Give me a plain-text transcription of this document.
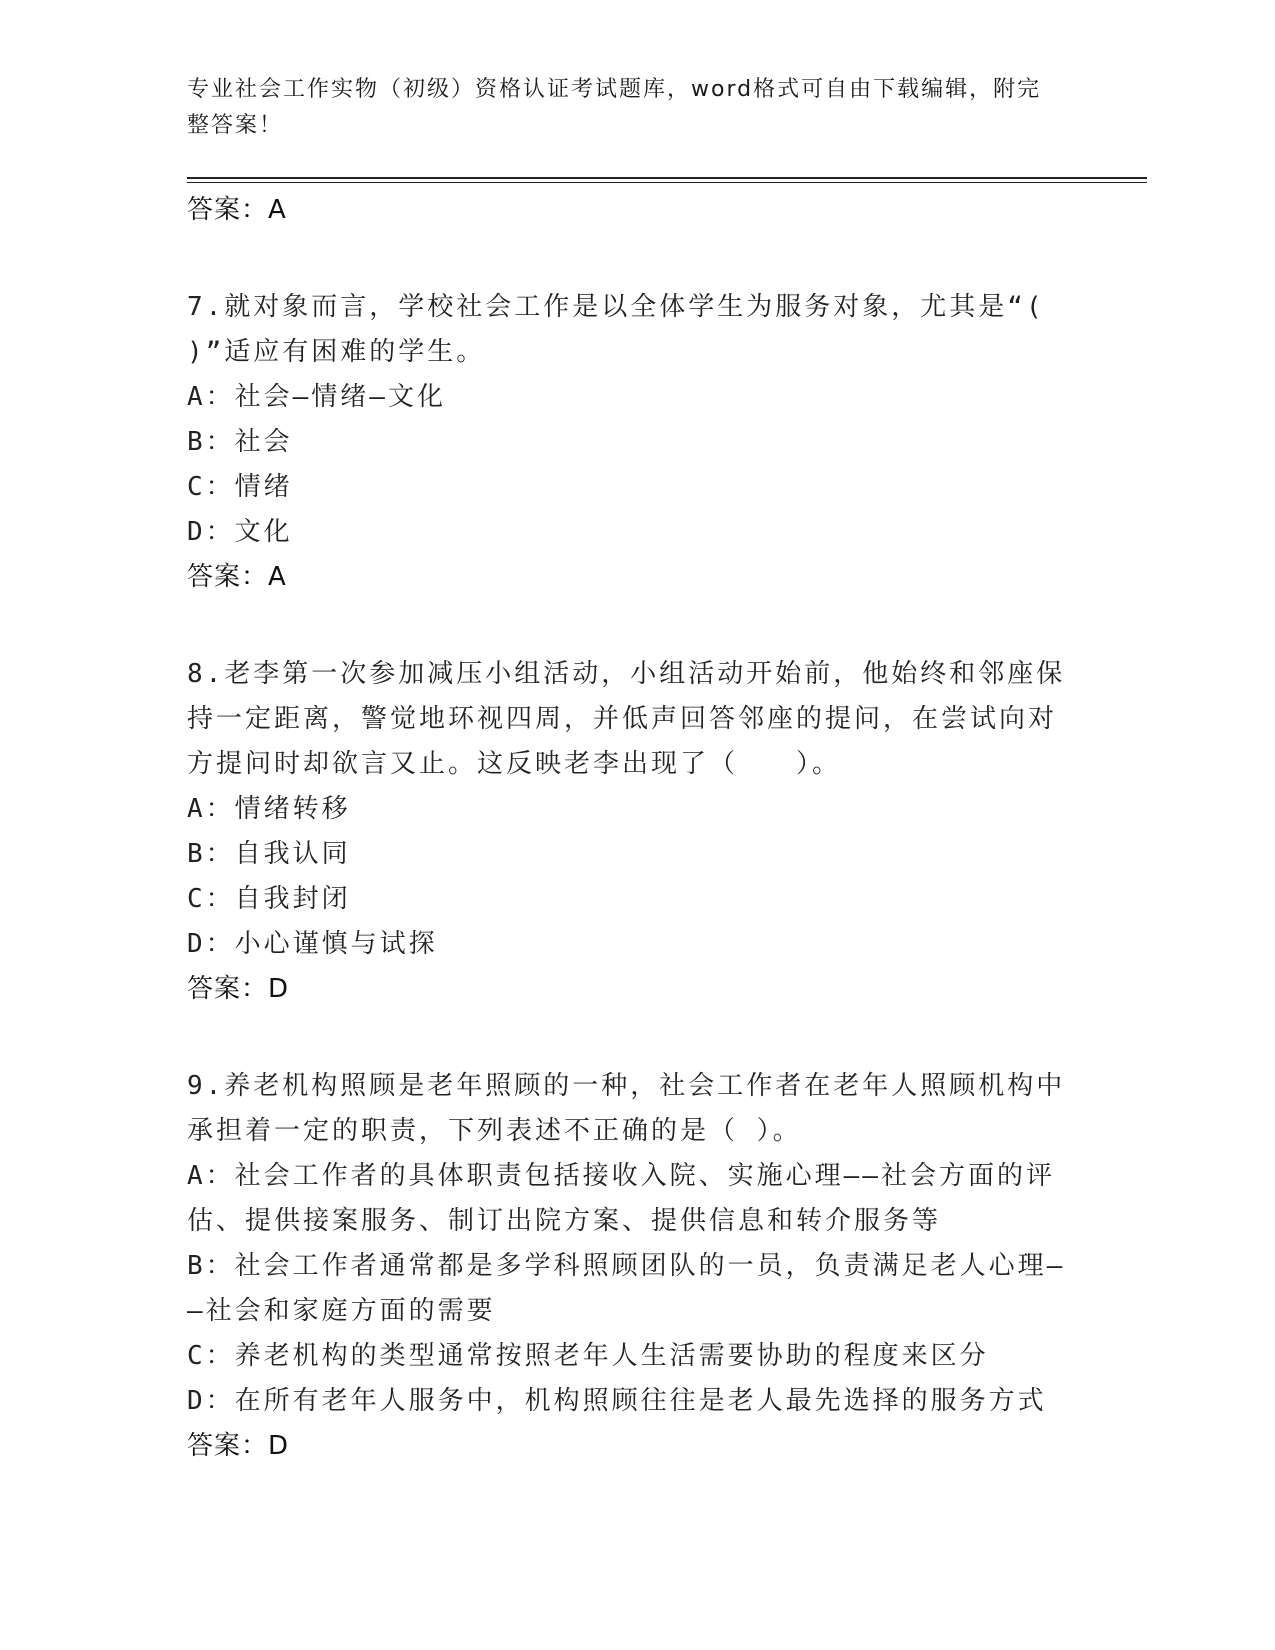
专业社会工作实物（初级）资格认证考试题库，word格式可自由下载编辑，附完
整答案！
答案：A
7.就对象而言，学校社会工作是以全体学生为服务对象，尤其是“(
)”适应有困难的学生。
A：社会—情绪—文化
B：社会
C：情绪
D：文化
答案：A
8.老李第一次参加减压小组活动，小组活动开始前，他始终和邻座保
持一定距离，警觉地环视四周，并低声回答邻座的提问，在尝试向对
方提问时却欲言又止。这反映老李出现了（　　）。
A：情绪转移
B：自我认同
C：自我封闭
D：小心谨慎与试探
答案：D
9.养老机构照顾是老年照顾的一种，社会工作者在老年人照顾机构中
承担着一定的职责，下列表述不正确的是（ ）。
A：社会工作者的具体职责包括接收入院、实施心理——社会方面的评
估、提供接案服务、制订出院方案、提供信息和转介服务等
B：社会工作者通常都是多学科照顾团队的一员，负责满足老人心理—
—社会和家庭方面的需要
C：养老机构的类型通常按照老年人生活需要协助的程度来区分
D：在所有老年人服务中，机构照顾往往是老人最先选择的服务方式
答案：D
